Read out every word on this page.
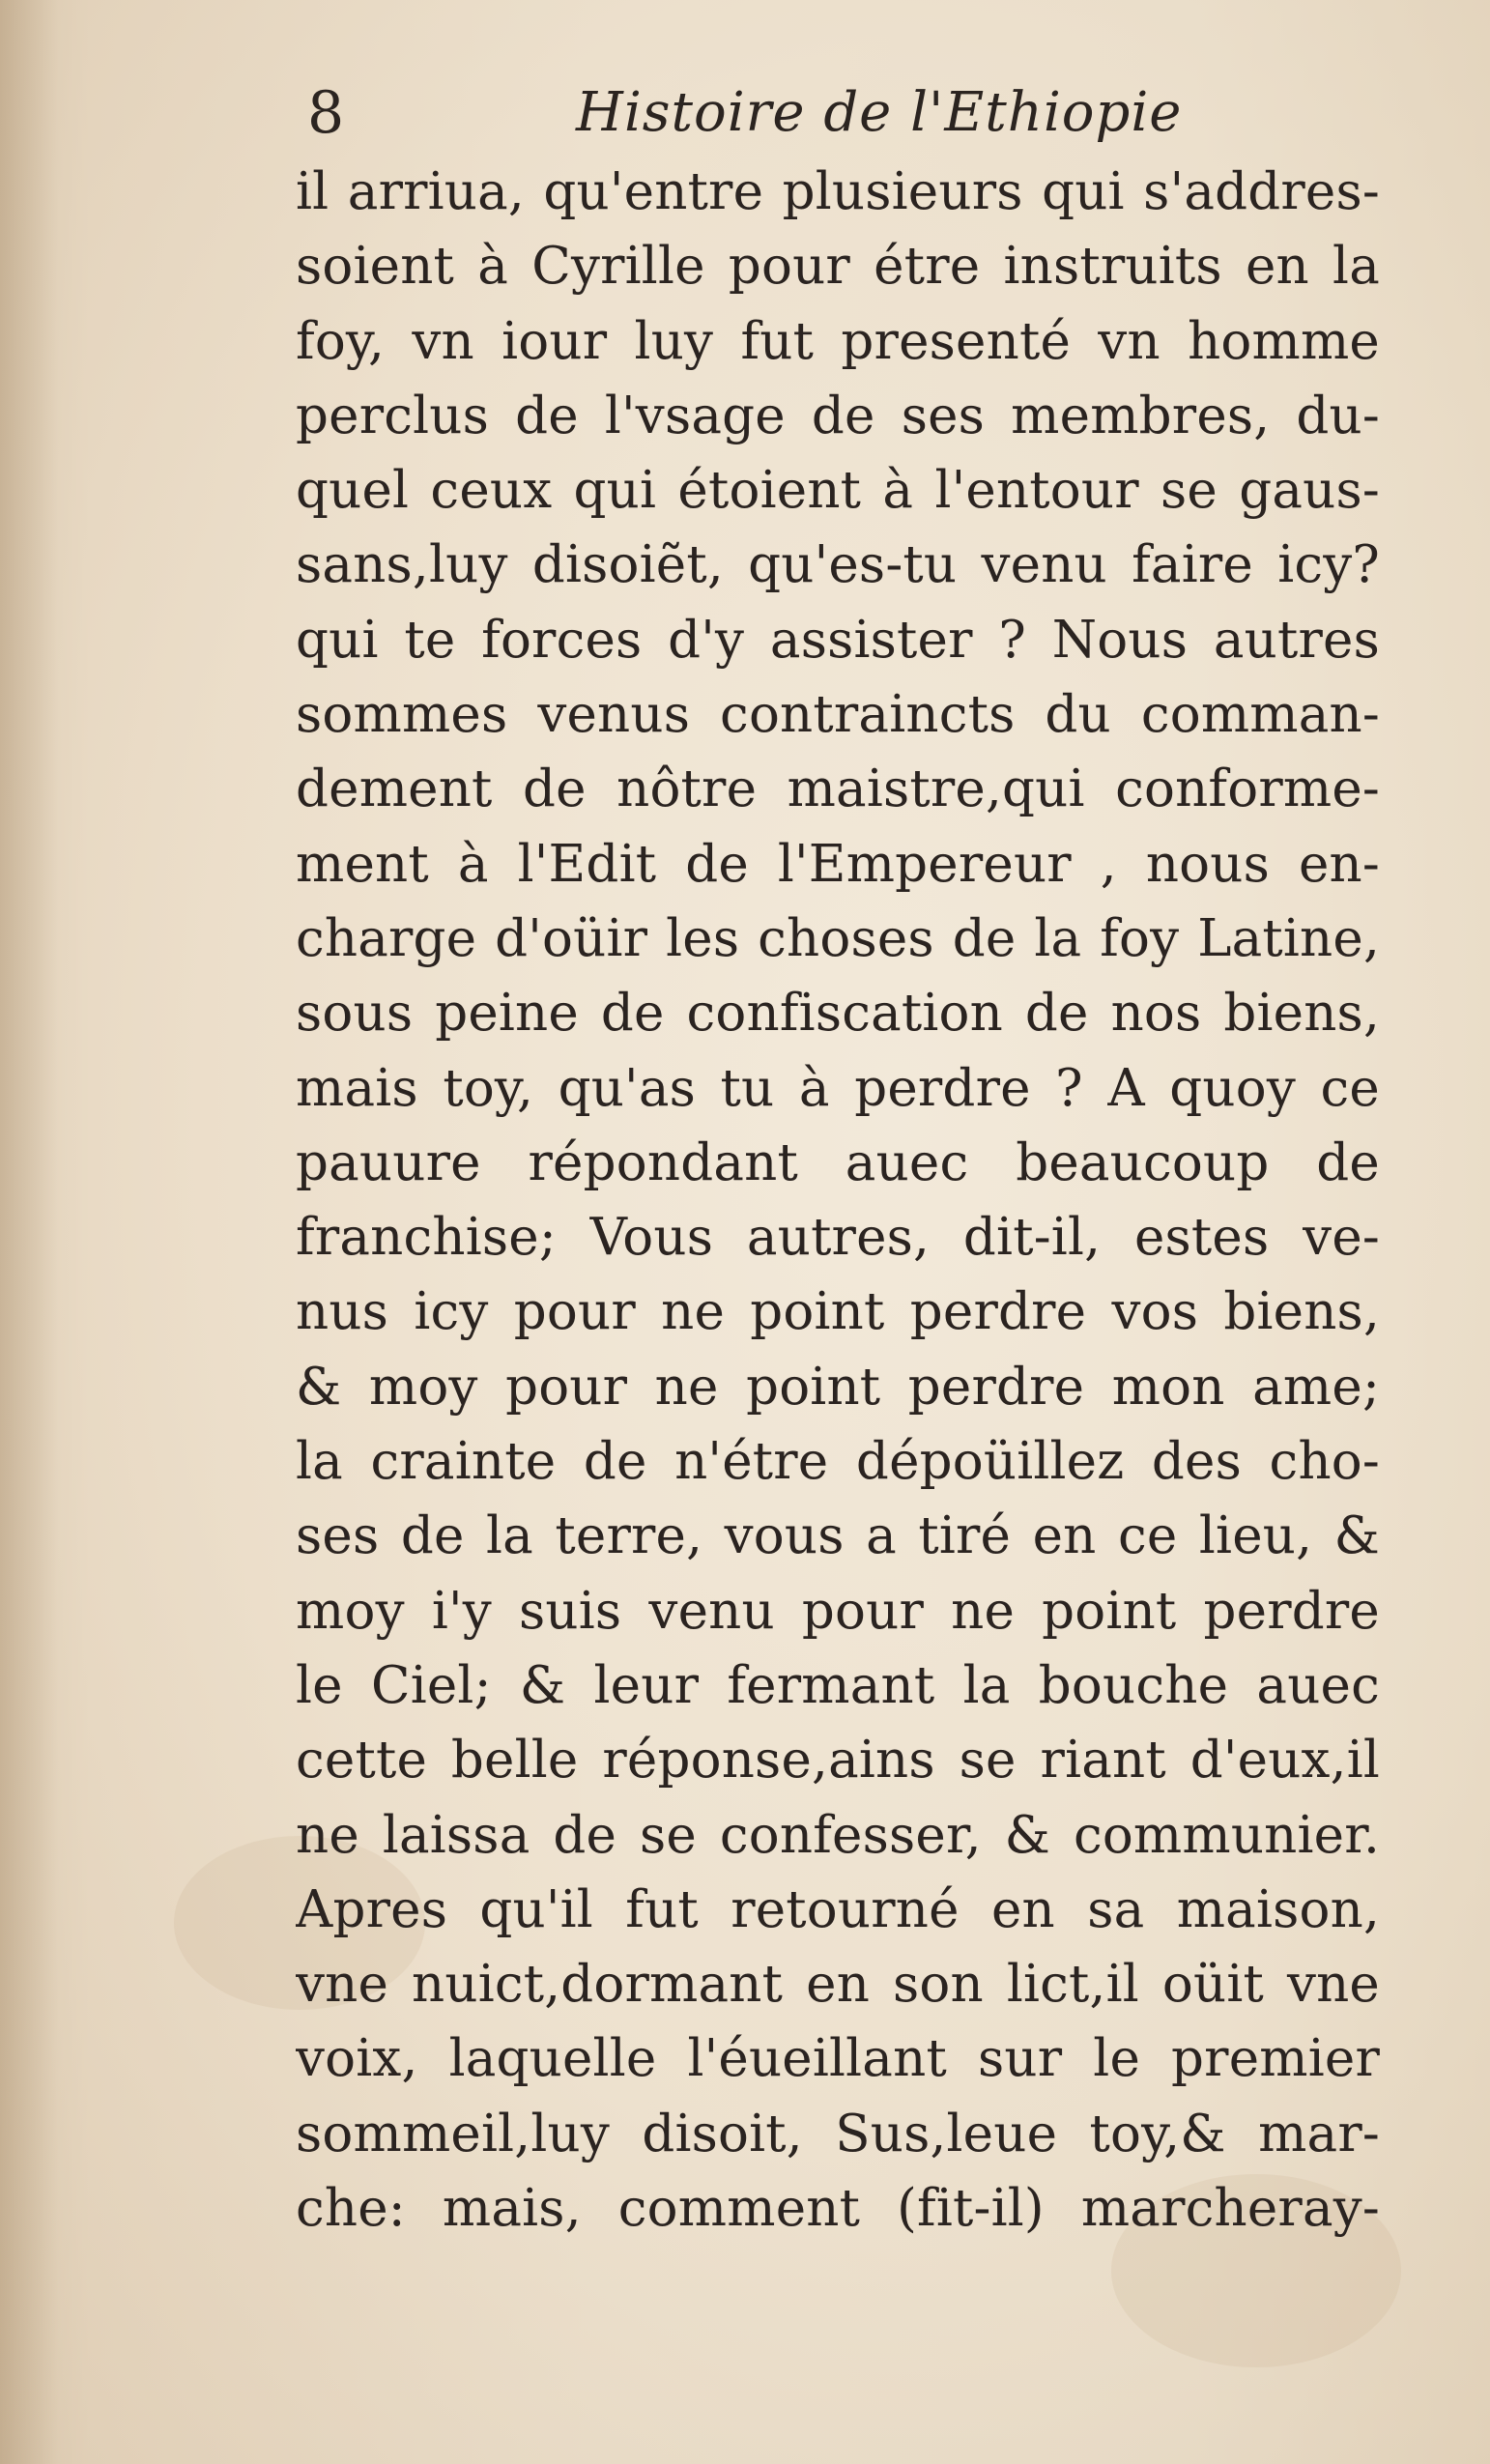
8	Histoire de l'Ethiopie
il arriua, qu'entre plusieurs qui s'addres-
soient à Cyrille pour étre instruits en la
foy, vn iour luy fut presenté vn homme
perclus de l'vsage de ses membres, du-
quel ceux qui étoient à l'entour se gaus-
sans,luy disoiẽt, qu'es-tu venu faire icy?
qui te forces d'y assister ? Nous autres
sommes venus contraincts du comman-
dement de nôtre maistre,qui conforme-
ment à l'Edit de l'Empereur , nous en-
charge d'oüir les choses de la foy Latine,
sous peine de confiscation de nos biens,
mais toy, qu'as tu à perdre ? A quoy ce
pauure répondant auec beaucoup de
franchise; Vous autres, dit-il, estes ve-
nus icy pour ne point perdre vos biens,
& moy pour ne point perdre mon ame;
la crainte de n'étre dépoüillez des cho-
ses de la terre, vous a tiré en ce lieu, &
moy i'y suis venu pour ne point perdre
le Ciel; & leur fermant la bouche auec
cette belle réponse,ains se riant d'eux,il
ne laissa de se confesser, & communier.
Apres qu'il fut retourné en sa maison,
vne nuict,dormant en son lict,il oüit vne
voix, laquelle l'éueillant sur le premier
sommeil,luy disoit, Sus,leue toy,& mar-
che: mais, comment (fit-il) marcheray-
